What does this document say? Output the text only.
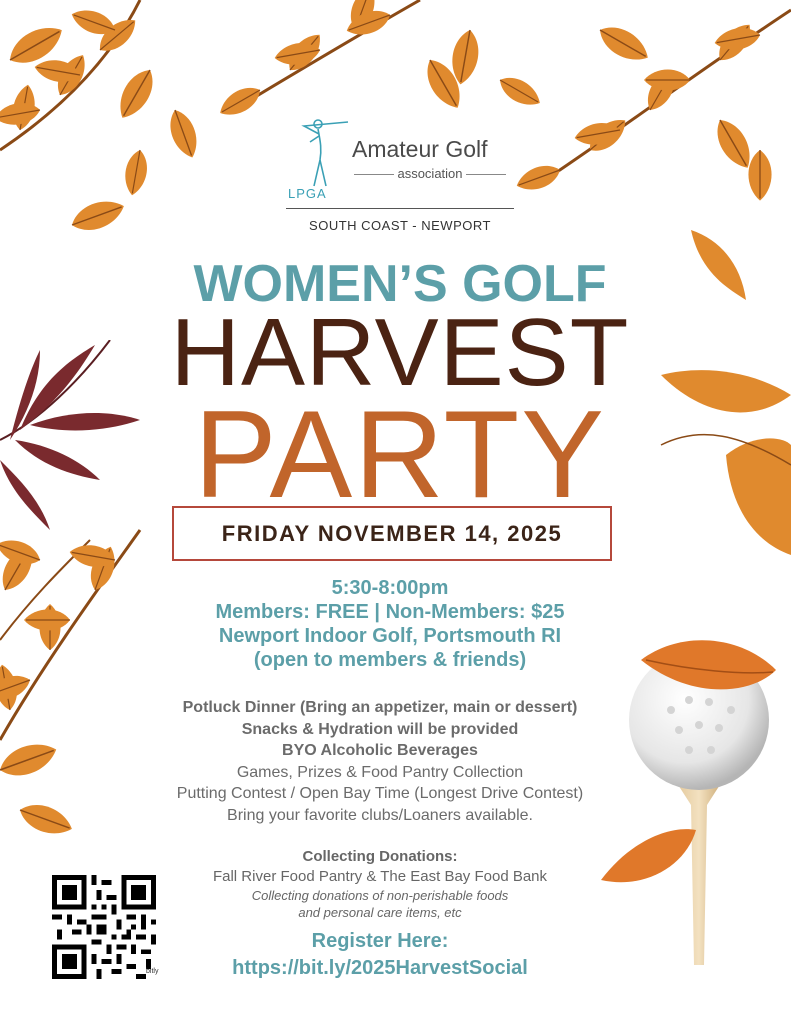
Amateur Golf
association
LPGA
SOUTH COAST - NEWPORT
WOMEN’S GOLF
HARVEST
PARTY
FRIDAY NOVEMBER 14, 2025
5:30-8:00pm
Members: FREE | Non-Members: $25
Newport Indoor Golf, Portsmouth RI
(open to members & friends)
Potluck Dinner (Bring an appetizer, main or dessert)
Snacks & Hydration will be provided
BYO Alcoholic Beverages
Games, Prizes & Food Pantry Collection
Putting Contest / Open Bay Time (Longest Drive Contest)
Bring your favorite clubs/Loaners available.
Collecting Donations:
Fall River Food Pantry & The East Bay Food Bank
Collecting donations of non-perishable foods
and personal care items, etc
Register Here:
https://bit.ly/2025HarvestSocial
bitly
